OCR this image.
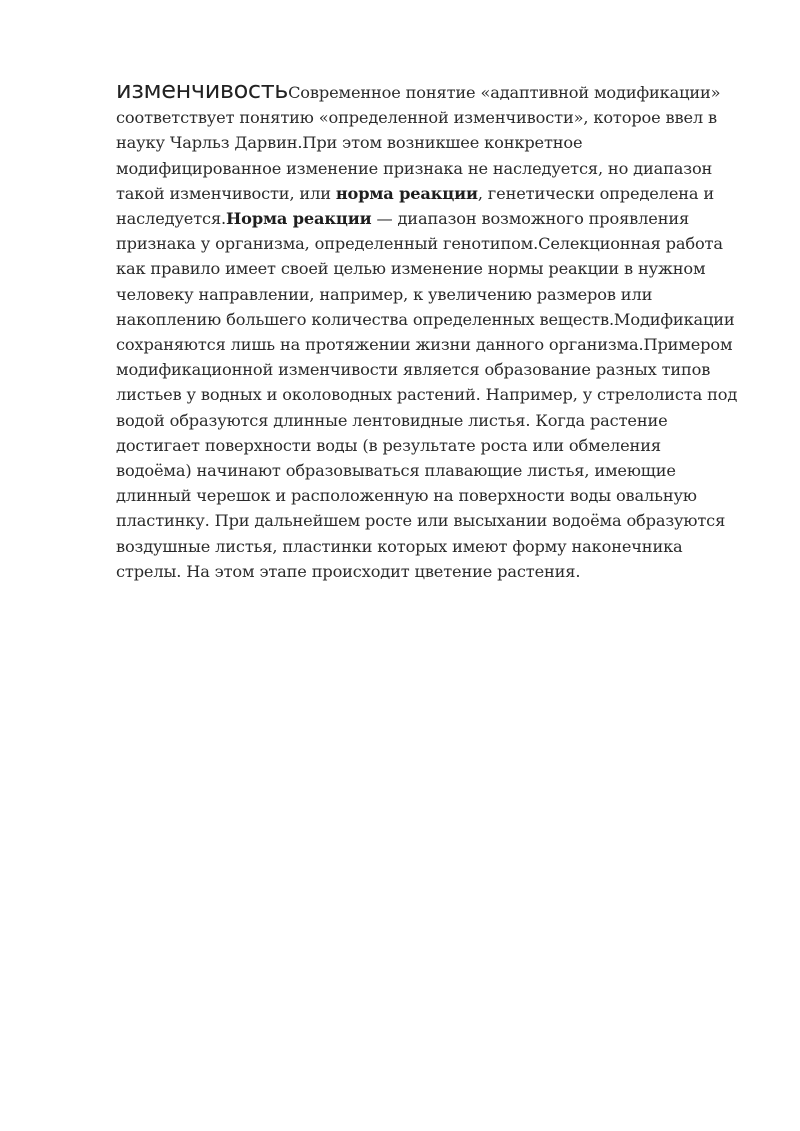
изменчивостьСовременное понятие «адаптивной модификации» соответствует понятию «определенной изменчивости», которое ввел в науку Чарльз Дарвин.При этом возникшее конкретное модифицированное изменение признака не наследуется, но диапазон такой изменчивости, или норма реакции, генетически определена и наследуется.Норма реакции — диапазон возможного проявления признака у организма, определенный генотипом.Селекционная работа как правило имеет своей целью изменение нормы реакции в нужном человеку направлении, например, к увеличению размеров или накоплению большего количества определенных веществ.Модификации сохраняются лишь на протяжении жизни данного организма.Примером модификационной изменчивости является образование разных типов листьев у водных и околоводных растений. Например, у стрелолиста под водой образуются длинные лентовидные листья. Когда растение достигает поверхности воды (в результате роста или обмеления водоёма) начинают образовываться плавающие листья, имеющие длинный черешок и расположенную на поверхности воды овальную пластинку. При дальнейшем росте или высыхании водоёма образуются воздушные листья, пластинки которых имеют форму наконечника стрелы. На этом этапе происходит цветение растения.
